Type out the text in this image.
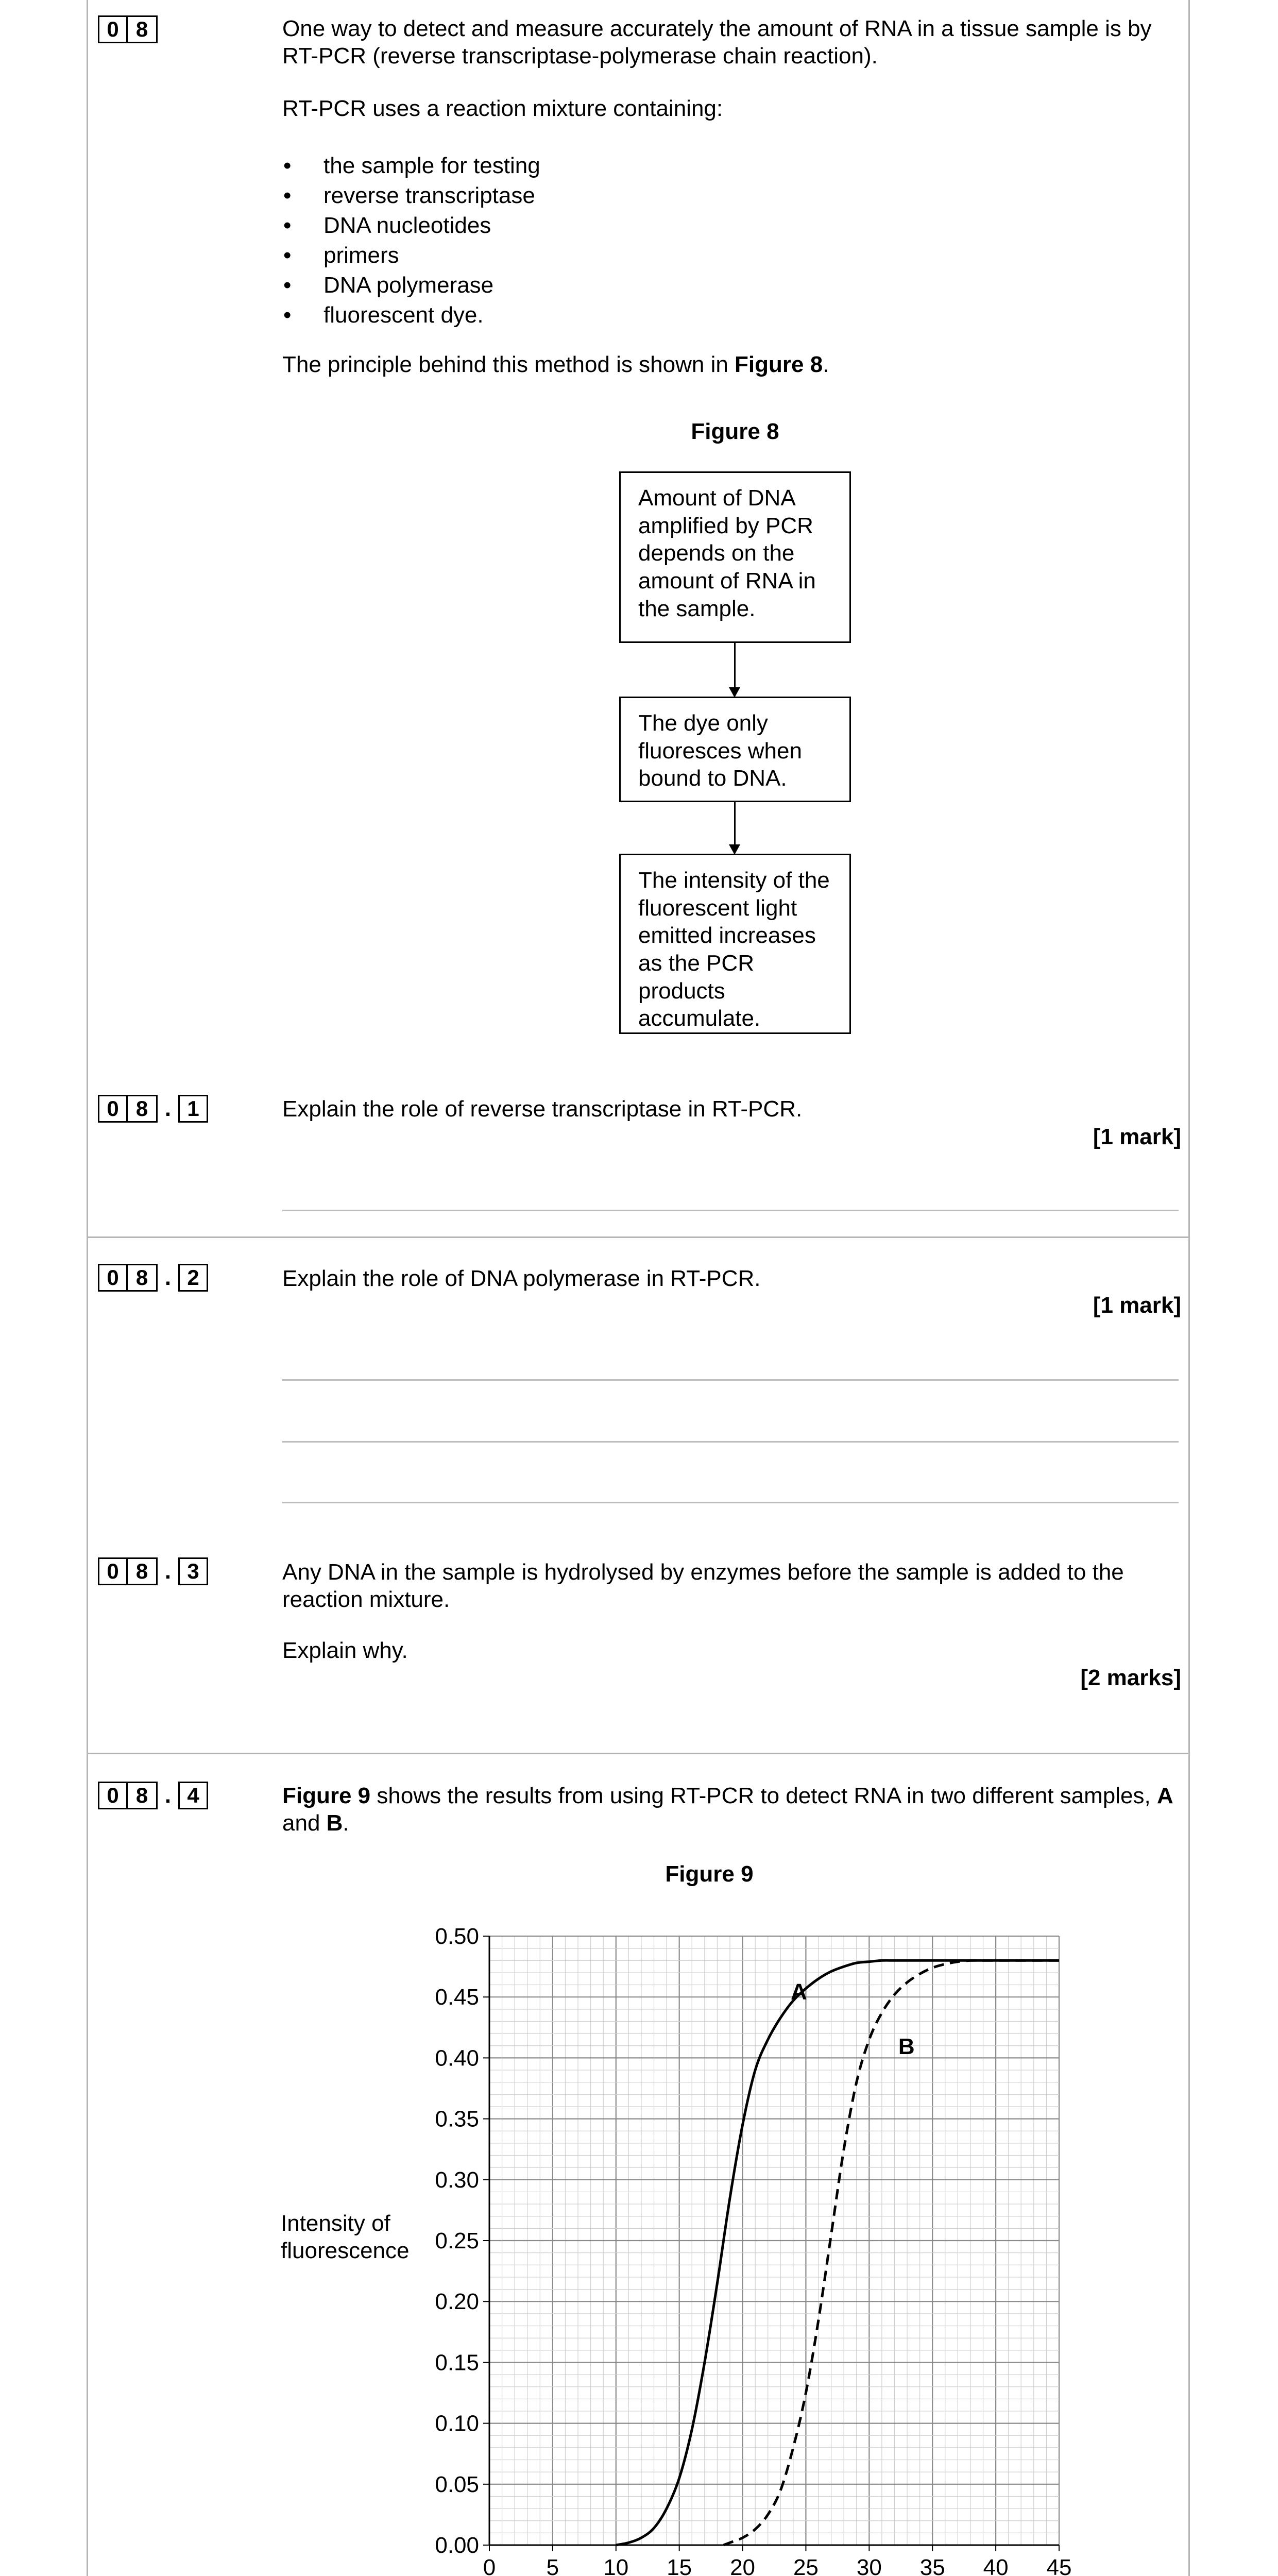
0 8	One way to detect and measure accurately the amount of RNA in a tissue sample is by RT-PCR (reverse transcriptase-polymerase chain reaction).

RT-PCR uses a reaction mixture containing:

• the sample for testing
• reverse transcriptase
• DNA nucleotides
• primers
• DNA polymerase
• fluorescent dye.

The principle behind this method is shown in Figure 8.

Figure 8
Amount of DNA amplified by PCR depends on the amount of RNA in the sample.
The dye only fluoresces when bound to DNA.
The intensity of the fluorescent light emitted increases as the PCR products accumulate.
0 8 . 1	Explain the role of reverse transcriptase in RT-PCR.

[1 mark]
0 8 . 2	Explain the role of DNA polymerase in RT-PCR.

[1 mark]
0 8 . 3	Any DNA in the sample is hydrolysed by enzymes before the sample is added to the reaction mixture.

Explain why.

[2 marks]
0 8 . 4	Figure 9 shows the results from using RT-PCR to detect RNA in two different samples, A and B.

Figure 9
0 5 10 15 20 25 30 35 40 45
0.00
0.05
0.10
0.15
0.20
0.25
0.30
0.35
0.40
0.45
0.50
A
B
Intensity of fluorescence
